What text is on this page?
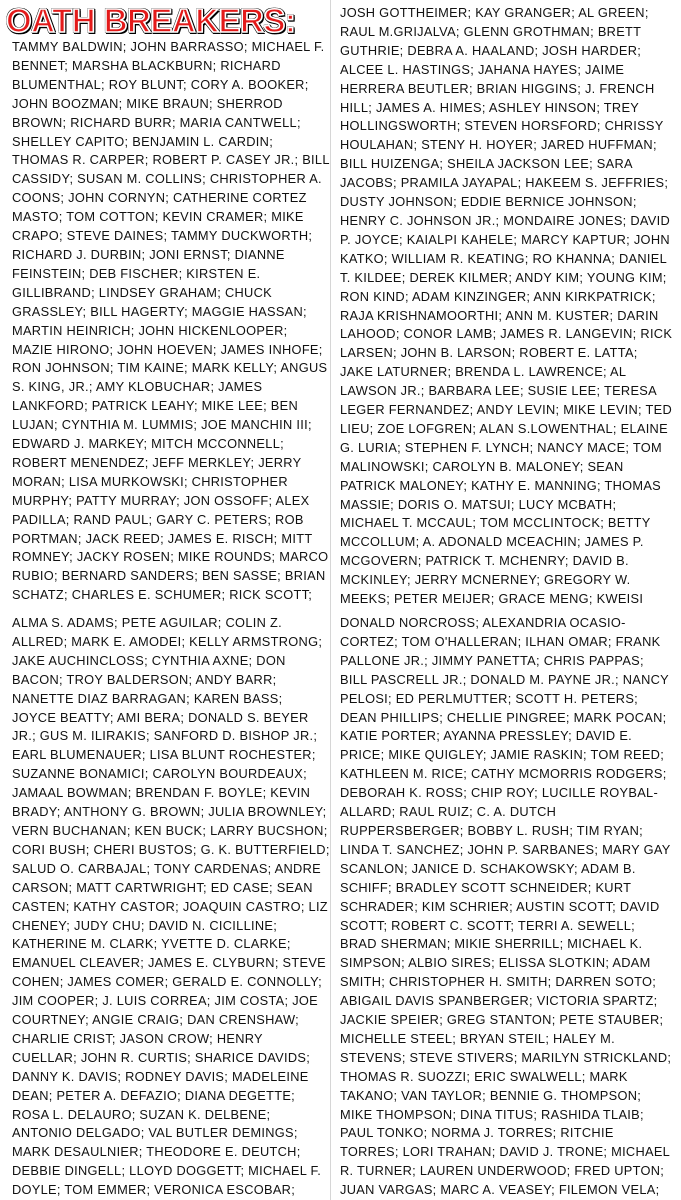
OATH BREAKERS:
TAMMY BALDWIN; JOHN BARRASSO; MICHAEL F. BENNET; MARSHA BLACKBURN; RICHARD BLUMENTHAL; ROY BLUNT; CORY A. BOOKER; JOHN BOOZMAN; MIKE BRAUN; SHERROD BROWN; RICHARD BURR; MARIA CANTWELL; SHELLEY CAPITO; BENJAMIN L. CARDIN; THOMAS R. CARPER; ROBERT P. CASEY JR.; BILL CASSIDY; SUSAN M. COLLINS; CHRISTOPHER A. COONS; JOHN CORNYN; CATHERINE CORTEZ MASTO; TOM COTTON; KEVIN CRAMER; MIKE CRAPO; STEVE DAINES; TAMMY DUCKWORTH; RICHARD J. DURBIN; JONI ERNST; DIANNE FEINSTEIN; DEB FISCHER; KIRSTEN E. GILLIBRAND; LINDSEY GRAHAM; CHUCK GRASSLEY; BILL HAGERTY; MAGGIE HASSAN; MARTIN HEINRICH; JOHN HICKENLOOPER; MAZIE HIRONO; JOHN HOEVEN; JAMES INHOFE; RON JOHNSON; TIM KAINE; MARK KELLY; ANGUS S. KING, JR.; AMY KLOBUCHAR; JAMES LANKFORD; PATRICK LEAHY; MIKE LEE; BEN LUJAN; CYNTHIA M. LUMMIS; JOE MANCHIN III; EDWARD J. MARKEY; MITCH MCCONNELL; ROBERT MENENDEZ; JEFF MERKLEY; JERRY MORAN; LISA MURKOWSKI; CHRISTOPHER MURPHY; PATTY MURRAY; JON OSSOFF; ALEX PADILLA; RAND PAUL; GARY C. PETERS; ROB PORTMAN; JACK REED; JAMES E. RISCH; MITT ROMNEY; JACKY ROSEN; MIKE ROUNDS; MARCO RUBIO; BERNARD SANDERS; BEN SASSE; BRIAN SCHATZ; CHARLES E. SCHUMER; RICK SCOTT;
ALMA S. ADAMS; PETE AGUILAR; COLIN Z. ALLRED; MARK E. AMODEI; KELLY ARMSTRONG; JAKE AUCHINCLOSS; CYNTHIA AXNE; DON BACON; TROY BALDERSON; ANDY BARR; NANETTE DIAZ BARRAGAN; KAREN BASS; JOYCE BEATTY; AMI BERA; DONALD S. BEYER JR.; GUS M. ILIRAKIS; SANFORD D. BISHOP JR.; EARL BLUMENAUER; LISA BLUNT ROCHESTER; SUZANNE BONAMICI; CAROLYN BOURDEAUX; JAMAAL BOWMAN; BRENDAN F. BOYLE; KEVIN BRADY; ANTHONY G. BROWN; JULIA BROWNLEY; VERN BUCHANAN; KEN BUCK; LARRY BUCSHON; CORI BUSH; CHERI BUSTOS; G. K. BUTTERFIELD; SALUD O. CARBAJAL; TONY CARDENAS; ANDRE CARSON; MATT CARTWRIGHT; ED CASE; SEAN CASTEN; KATHY CASTOR; JOAQUIN CASTRO; LIZ CHENEY; JUDY CHU; DAVID N. CICILLINE; KATHERINE M. CLARK; YVETTE D. CLARKE; EMANUEL CLEAVER; JAMES E. CLYBURN; STEVE COHEN; JAMES COMER; GERALD E. CONNOLLY; JIM COOPER; J. LUIS CORREA; JIM COSTA; JOE COURTNEY; ANGIE CRAIG; DAN CRENSHAW; CHARLIE CRIST; JASON CROW; HENRY CUELLAR; JOHN R. CURTIS; SHARICE DAVIDS; DANNY K. DAVIS; RODNEY DAVIS; MADELEINE DEAN; PETER A. DEFAZIO; DIANA DEGETTE; ROSA L. DELAURO; SUZAN K. DELBENE; ANTONIO DELGADO; VAL BUTLER DEMINGS; MARK DESAULNIER; THEODORE E. DEUTCH; DEBBIE DINGELL; LLOYD DOGGETT; MICHAEL F. DOYLE; TOM EMMER; VERONICA ESCOBAR;
JOSH GOTTHEIMER; KAY GRANGER; AL GREEN; RAUL M.GRIJALVA; GLENN GROTHMAN; BRETT GUTHRIE; DEBRA A. HAALAND; JOSH HARDER; ALCEE L. HASTINGS; JAHANA HAYES; JAIME HERRERA BEUTLER; BRIAN HIGGINS; J. FRENCH HILL; JAMES A. HIMES; ASHLEY HINSON; TREY HOLLINGSWORTH; STEVEN HORSFORD; CHRISSY HOULAHAN; STENY H. HOYER; JARED HUFFMAN; BILL HUIZENGA; SHEILA JACKSON LEE; SARA JACOBS; PRAMILA JAYAPAL; HAKEEM S. JEFFRIES; DUSTY JOHNSON; EDDIE BERNICE JOHNSON; HENRY C. JOHNSON JR.; MONDAIRE JONES; DAVID P. JOYCE; KAIALPI KAHELE; MARCY KAPTUR; JOHN KATKO; WILLIAM R. KEATING; RO KHANNA; DANIEL T. KILDEE; DEREK KILMER; ANDY KIM; YOUNG KIM; RON KIND; ADAM KINZINGER; ANN KIRKPATRICK; RAJA KRISHNAMOORTHI; ANN M. KUSTER; DARIN LAHOOD; CONOR LAMB; JAMES R. LANGEVIN; RICK LARSEN; JOHN B. LARSON; ROBERT E. LATTA; JAKE LATURNER; BRENDA L. LAWRENCE; AL LAWSON JR.; BARBARA LEE; SUSIE LEE; TERESA LEGER FERNANDEZ; ANDY LEVIN; MIKE LEVIN; TED LIEU; ZOE LOFGREN; ALAN S.LOWENTHAL; ELAINE G. LURIA; STEPHEN F. LYNCH; NANCY MACE; TOM MALINOWSKI; CAROLYN B. MALONEY; SEAN PATRICK MALONEY; KATHY E. MANNING; THOMAS MASSIE; DORIS O. MATSUI; LUCY MCBATH; MICHAEL T. MCCAUL; TOM MCCLINTOCK; BETTY MCCOLLUM; A. ADONALD MCEACHIN; JAMES P. MCGOVERN; PATRICK T. MCHENRY; DAVID B. MCKINLEY; JERRY MCNERNEY; GREGORY W. MEEKS; PETER MEIJER; GRACE MENG; KWEISI
DONALD NORCROSS; ALEXANDRIA OCASIO-CORTEZ; TOM O'HALLERAN; ILHAN OMAR; FRANK PALLONE JR.; JIMMY PANETTA; CHRIS PAPPAS; BILL PASCRELL JR.; DONALD M. PAYNE JR.; NANCY PELOSI; ED PERLMUTTER; SCOTT H. PETERS; DEAN PHILLIPS; CHELLIE PINGREE; MARK POCAN; KATIE PORTER; AYANNA PRESSLEY; DAVID E. PRICE; MIKE QUIGLEY; JAMIE RASKIN; TOM REED; KATHLEEN M. RICE; CATHY MCMORRIS RODGERS; DEBORAH K. ROSS; CHIP ROY; LUCILLE ROYBAL-ALLARD; RAUL RUIZ; C. A. DUTCH RUPPERSBERGER; BOBBY L. RUSH; TIM RYAN; LINDA T. SANCHEZ; JOHN P. SARBANES; MARY GAY SCANLON; JANICE D. SCHAKOWSKY; ADAM B. SCHIFF; BRADLEY SCOTT SCHNEIDER; KURT SCHRADER; KIM SCHRIER; AUSTIN SCOTT; DAVID SCOTT; ROBERT C. SCOTT; TERRI A. SEWELL; BRAD SHERMAN; MIKIE SHERRILL; MICHAEL K. SIMPSON; ALBIO SIRES; ELISSA SLOTKIN; ADAM SMITH; CHRISTOPHER H. SMITH; DARREN SOTO; ABIGAIL DAVIS SPANBERGER; VICTORIA SPARTZ; JACKIE SPEIER; GREG STANTON; PETE STAUBER; MICHELLE STEEL; BRYAN STEIL; HALEY M. STEVENS; STEVE STIVERS; MARILYN STRICKLAND; THOMAS R. SUOZZI; ERIC SWALWELL; MARK TAKANO; VAN TAYLOR; BENNIE G. THOMPSON; MIKE THOMPSON; DINA TITUS; RASHIDA TLAIB; PAUL TONKO; NORMA J. TORRES; RITCHIE TORRES; LORI TRAHAN; DAVID J. TRONE; MICHAEL R. TURNER; LAUREN UNDERWOOD; FRED UPTON; JUAN VARGAS; MARC A. VEASEY; FILEMON VELA;
